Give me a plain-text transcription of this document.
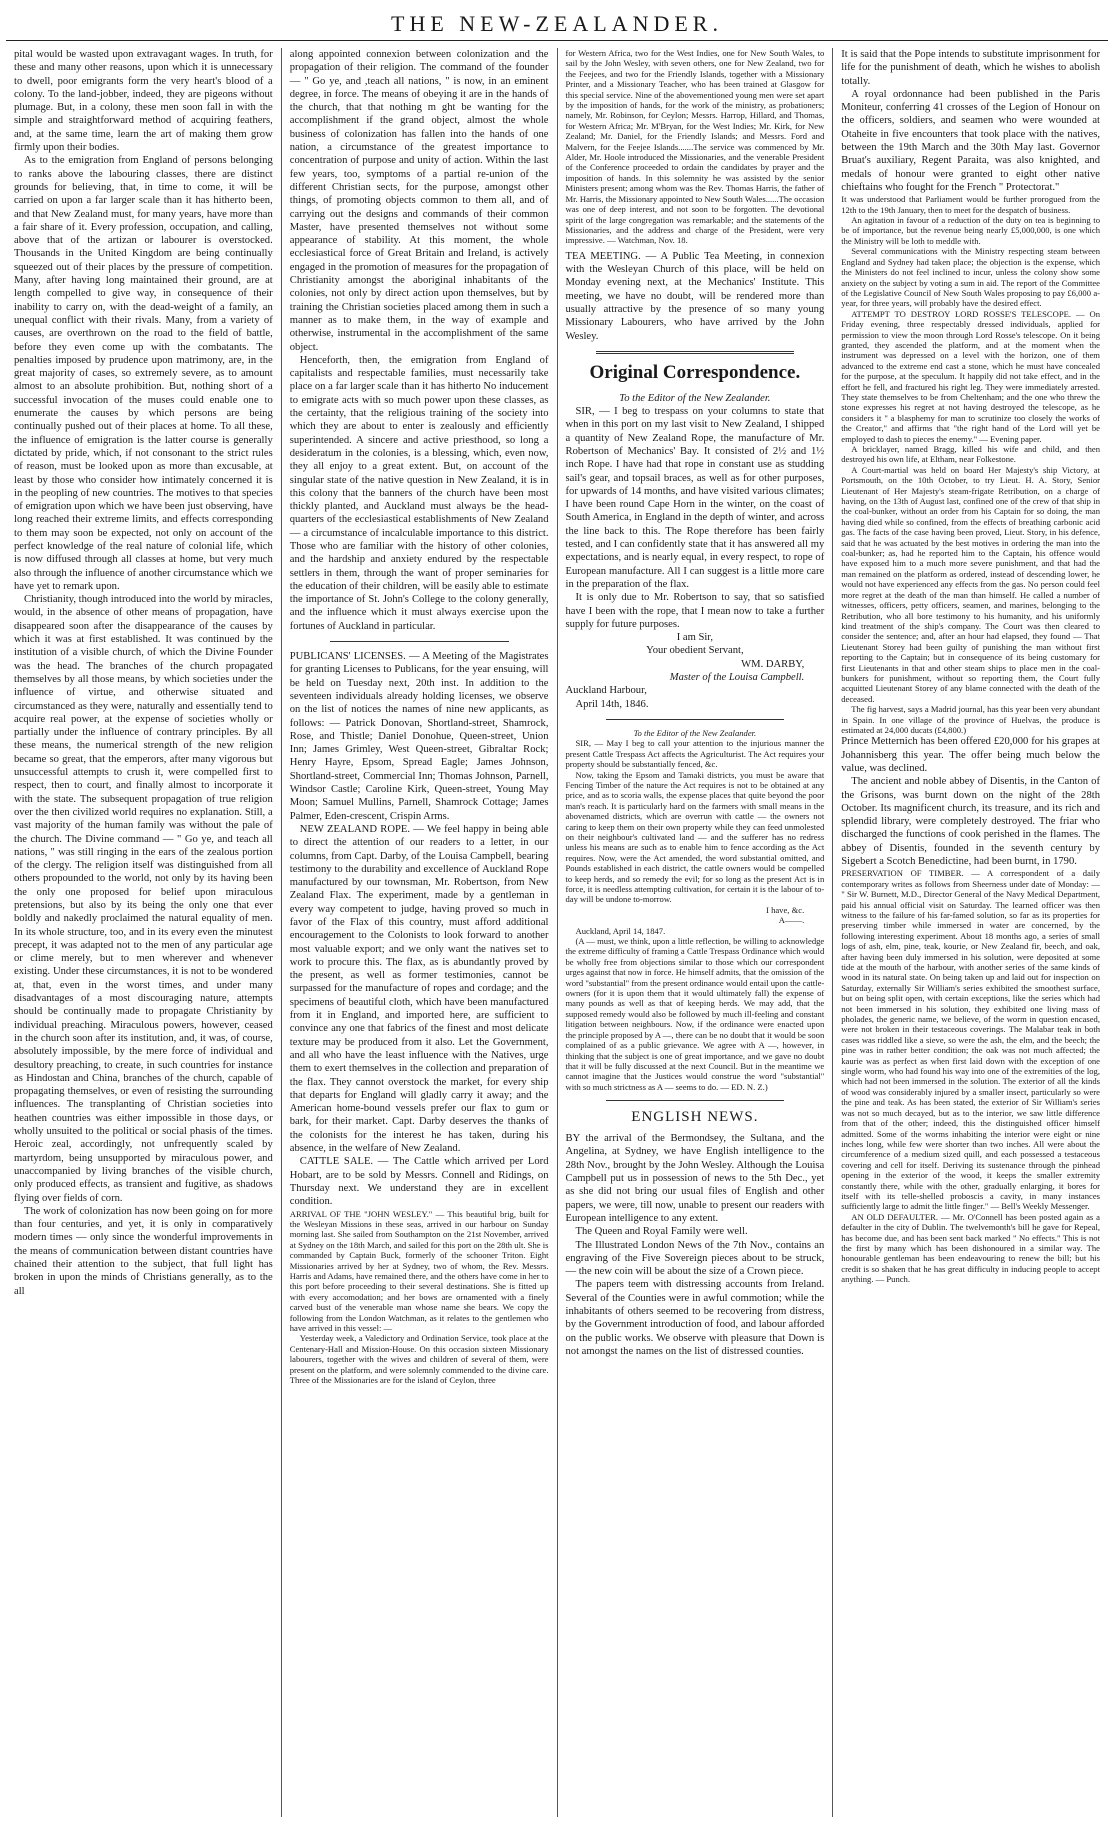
THE NEW-ZEALANDER.

pital would be wasted upon extravagant wages. In truth, for these and many other reasons, upon which it is unnecessary to dwell, poor emigrants form the very heart's blood of a colony. To the land-jobber, indeed, they are pigeons without plumage. But, in a colony, these men soon fall in with the simple and straightforward method of acquiring feathers, and, at the same time, learn the art of making them grow firmly upon their bodies.

As to the emigration from England of persons belonging to ranks above the labouring classes, there are distinct grounds for believing, that, in time to come, it will be carried on upon a far larger scale than it has hitherto been, and that New Zealand must, for many years, have more than a fair share of it. Every profession, occupation, and calling, above that of the artizan or labourer is overstocked. Thousands in the United Kingdom are being continually squeezed out of their places by the pressure of competition. Many, after having long maintained their ground, are at length compelled to give way, in consequence of their inability to carry on, with the dead-weight of a family, an unequal conflict with their rivals. Many, from a variety of causes, are overthrown on the road to the field of battle, before they even come up with the combatants. The penalties imposed by prudence upon matrimony, are, in the great majority of cases, so extremely severe, as to amount almost to an absolute prohibition. But, nothing short of a successful invocation of the muses could enable one to enumerate the causes by which persons are being continually pushed out of their places at home. To all these, the influence of emigration is the latter course is generally dictated by pride, which, if not consonant to the strict rules of reason, must be looked upon as more than excusable, at least by those who consider how intimately concerned it is in the peopling of new countries. The motives to that species of emigration upon which we have been just observing, have long reached their extreme limits, and effects corresponding to them may soon be expected, not only on account of the perfect knowledge of the real nature of colonial life, which is now diffused through all classes at home, but very much also through the influence of another circumstance which we have yet to remark upon.

Christianity, though introduced into the world by miracles, would, in the absence of other means of propagation, have disappeared soon after the disappearance of the causes by which it was at first established. It was continued by the institution of a visible church, of which the Divine Founder was the head. The branches of the church propagated themselves by all those means, by which societies under the influence of virtue, and otherwise situated and circumstanced as they were, naturally and essentially tend to acquire real power, at the expense of societies wholly or partially under the influence of contrary principles. By all these means, the numerical strength of the new religion became so great, that the emperors, after many vigorous but unsuccessful attempts to crush it, were compelled first to respect, then to court, and finally almost to incorporate it with the state. The subsequent propagation of true religion over the then civilized world requires no explanation. Still, a vast majority of the human family was without the pale of the church. The Divine command — " Go ye, and teach all nations, " was still ringing in the ears of the zealous portion of the clergy. The religion itself was distinguished from all others propounded to the world, not only by its having been the only one proposed for belief upon miraculous pretensions, but also by its being the only one that ever boldly and nakedly proclaimed the natural equality of men. In its whole structure, too, and in its every even the minutest precept, it was adapted not to the men of any particular age or clime merely, but to men wherever and whenever existing. Under these circumstances, it is not to be wondered at, that, even in the worst times, and under many disadvantages of a most discouraging nature, attempts should be continually made to propagate Christianity by individual preaching. Miraculous powers, however, ceased in the church soon after its institution, and, it was, of course, absolutely impossible, by the mere force of individual and desultory preaching, to create, in such countries for instance as Hindostan and China, branches of the church, capable of propagating themselves, or even of resisting the surrounding influences. The transplanting of Christian societies into heathen countries was either impossible in those days, or wholly unsuited to the political or social phasis of the times. Heroic zeal, accordingly, not unfrequently scaled by martyrdom, being unsupported by miraculous power, and unaccompanied by living branches of the visible church, only produced effects, as transient and fugitive, as shadows flying over fields of corn.

The work of colonization has now been going on for more than four centuries, and yet, it is only in comparatively modern times — only since the wonderful improvements in the means of communication between distant countries have chained their attention to the subject, that full light has broken in upon the minds of Christians generally, as to the all

along appointed connexion between colonization and the propagation of their religion. The command of the founder — " Go ye, and ,teach all nations, " is now, in an eminent degree, in force. The means of obeying it are in the hands of the church, that that nothing m ght be wanting for the accomplishment if the grand object, almost the whole business of colonization has fallen into the hands of one nation, a circumstance of the greatest importance to concentration of purpose and unity of action. Within the last few years, too, symptoms of a partial re-union of the different Christian sects, for the purpose, amongst other things, of promoting objects common to them all, and of carrying out the designs and commands of their common Master, have presented themselves not without some appearance of stability. At this moment, the whole ecclesiastical force of Great Britain and Ireland, is actively engaged in the promotion of measures for the propagation of Christianity amongst the aboriginal inhabitants of the colonies, not only by direct action upon themselves, but by training the Christian societies placed among them in such a manner as to make them, in the way of example and otherwise, instrumental in the accomplishment of the same object.

Henceforth, then, the emigration from England of capitalists and respectable families, must necessarily take place on a far larger scale than it has hitherto No inducement to emigrate acts with so much power upon these classes, as the certainty, that the religious training of the society into which they are about to enter is zealously and efficiently superintended. A sincere and active priesthood, so long a desideratum in the colonies, is a blessing, which, even now, they all enjoy to a great extent. But, on account of the singular state of the native question in New Zealand, it is in this colony that the banners of the church have been most thickly planted, and Auckland must always be the head-quarters of the ecclesiastical establishments of New Zealand — a circumstance of incalculable importance to this district. Those who are familiar with the history of other colonies, and the hardship and anxiety endured by the respectable settlers in them, through the want of proper seminaries for the education of their children, will be easily able to estimate the importance of St. John's College to the colony generally, and the influence which it must always exercise upon the fortunes of Auckland in particular.

PUBLICANS' LICENSES. — A Meeting of the Magistrates for granting Licenses to Publicans, for the year ensuing, will be held on Tuesday next, 20th inst. In addition to the seventeen individuals already holding licenses, we observe on the list of notices the names of nine new applicants, as follows: — Patrick Donovan, Shortland-street, Shamrock, Rose, and Thistle; Daniel Donohue, Queen-street, Union Inn; James Grimley, West Queen-street, Gibraltar Rock; Henry Hayre, Epsom, Spread Eagle; James Johnson, Shortland-street, Commercial Inn; Thomas Johnson, Parnell, Windsor Castle; Caroline Kirk, Queen-street, Young May Moon; Samuel Mullins, Parnell, Shamrock Cottage; James Palmer, Eden-crescent, Crispin Arms.

NEW ZEALAND ROPE. — We feel happy in being able to direct the attention of our readers to a letter, in our columns, from Capt. Darby, of the Louisa Campbell, bearing testimony to the durability and excellence of Auckland Rope manufactured by our townsman, Mr. Robertson, from New Zealand Flax. The experiment, made by a gentleman in every way competent to judge, having proved so much in favor of the Flax of this country, must afford additional encouragement to the Colonists to look forward to another most valuable export; and we only want the natives set to work to procure this. The flax, as is abundantly proved by the present, as well as former testimonies, cannot be surpassed for the manufacture of ropes and cordage; and the specimens of beautiful cloth, which have been manufactured from it in England, and imported here, are sufficient to convince any one that fabrics of the finest and most delicate texture may be produced from it also. Let the Government, and all who have the least influence with the Natives, urge them to exert themselves in the collection and preparation of the flax. They cannot overstock the market, for every ship that departs for England will gladly carry it away; and the American home-bound vessels prefer our flax to gum or bark, for their market. Capt. Darby deserves the thanks of the colonists for the interest he has taken, during his absence, in the welfare of New Zealand.

CATTLE SALE. — The Cattle which arrived per Lord Hobart, are to be sold by Messrs. Connell and Ridings, on Thursday next. We understand they are in excellent condition.

ARRIVAL OF THE "JOHN WESLEY." — This beautiful brig, built for the Wesleyan Missions in these seas, arrived in our harbour on Sunday morning last. She sailed from Southampton on the 21st November, arrived at Sydney on the 18th March, and sailed for this port on the 28th ult. She is commanded by Captain Buck, formerly of the schooner Triton. Eight Missionaries arrived by her at Sydney, two of whom, the Rev. Messrs. Harris and Adams, have remained there, and the others have come in her to this port before proceeding to their several destinations. She is fitted up with every accomodation; and her bows are ornamented with a finely carved bust of the venerable man whose name she bears. We copy the following from the London Watchman, as it relates to the gentlemen who have arrived in this vessel: —

Yesterday week, a Valedictory and Ordination Service, took place at the Centenary-Hall and Mission-House. On this occasion sixteen Missionary labourers, together with the wives and children of several of them, were present on the platform, and were solemnly commended to the divine care. Three of the Missionaries are for the island of Ceylon, three

for Western Africa, two for the West Indies, one for New South Wales, to sail by the John Wesley, with seven others, one for New Zealand, two for the Feejees, and two for the Friendly Islands, together with a Missionary Printer, and a Missionary Teacher, who has been trained at Glasgow for this special service. Nine of the abovementioned young men were set apart by the imposition of hands, for the work of the ministry, as probationers; namely, Mr. Robinson, for Ceylon; Messrs. Harrop, Hillard, and Thomas, for Western Africa; Mr. M'Bryan, for the West Indies; Mr. Kirk, for New Zealand; Mr. Daniel, for the Friendly Islands; and Messrs. Ford and Malvern, for the Feejee Islands.......The service was commenced by Mr. Alder, Mr. Hoole introduced the Missionaries, and the venerable President of the Conference proceeded to ordain the candidates by prayer and the imposition of hands. In this solemnity he was assisted by the senior Ministers present; among whom was the Rev. Thomas Harris, the father of Mr. Harris, the Missionary appointed to New South Wales......The occasion was one of deep interest, and not soon to be forgotten. The devotional spirit of the large congregation was remarkable; and the statements of the Missionaries, and the address and charge of the President, were very impressive. — Watchman, Nov. 18.

TEA MEETING. — A Public Tea Meeting, in connexion with the Wesleyan Church of this place, will be held on Monday evening next, at the Mechanics' Institute. This meeting, we have no doubt, will be rendered more than usually attractive by the presence of so many young Missionary Labourers, who have arrived by the John Wesley.

Original Correspondence.

To the Editor of the New Zealander.

SIR, — I beg to trespass on your columns to state that when in this port on my last visit to New Zealand, I shipped a quantity of New Zealand Rope, the manufacture of Mr. Robertson of Mechanics' Bay. It consisted of 2½ and 1½ inch Rope. I have had that rope in constant use as studding sail's gear, and topsail braces, as well as for other purposes, for upwards of 14 months, and have visited various climates; I have been round Cape Horn in the winter, on the coast of South America, in England in the depth of winter, and across the line back to this. The Rope therefore has been fairly tested, and I can confidently state that it has answered all my expectations, and is nearly equal, in every respect, to rope of European manufacture. All I can suggest is a little more care in the preparation of the flax.

It is only due to Mr. Robertson to say, that so satisfied have I been with the rope, that I mean now to take a further supply for future purposes.

I am Sir,

Your obedient Servant,

WM. DARBY,

Master of the Louisa Campbell.

Auckland Harbour,

April 14th, 1846.

To the Editor of the New Zealander.

SIR, — May I beg to call your attention to the injurious manner the present Cattle Trespass Act affects the Agriculturist. The Act requires your property should be substantially fenced, &c.

Now, taking the Epsom and Tamaki districts, you must be aware that Fencing Timber of the nature the Act requires is not to be obtained at any price, and as to scoria walls, the expense places that quite beyond the poor man's reach. It is particularly hard on the farmers with small means in the abovenamed districts, which are overrun with cattle — the owners not caring to keep them on their own property while they can feed unmolested on their neighbour's cultivated land — and the sufferer has no redress unless his means are such as to enable him to fence according as the Act requires. Now, were the Act amended, the word substantial omitted, and Pounds established in each district, the cattle owners would be compelled to keep herds, and so remedy the evil; for so long as the present Act is in force, it is needless attempting cultivation, for certain it is the labour of to-day will be undone to-morrow.

I have, &c.

A——.

Auckland, April 14, 1847.

(A — must, we think, upon a little reflection, be willing to acknowledge the extreme difficulty of framing a Cattle Trespass Ordinance which would be wholly free from objections similar to those which our correspondent urges against that now in force. He himself admits, that the omission of the word "substantial" from the present ordinance would entail upon the cattle-owners (for it is upon them that it would ultimately fall) the expense of many pounds as well as that of keeping herds. We may add, that the supposed remedy would also be followed by much ill-feeling and constant litigation between neighbours. Now, if the ordinance were enacted upon the principle proposed by A —, there can be no doubt that it would be soon complained of as a public grievance. We agree with A —, however, in thinking that the subject is one of great importance, and we gave no doubt that it will be fully discussed at the next Council. But in the meantime we cannot imagine that the Justices would construe the word "substantial" with so much strictness as A — seems to do. — ED. N. Z.)

ENGLISH NEWS.

BY the arrival of the Bermondsey, the Sultana, and the Angelina, at Sydney, we have English intelligence to the 28th Nov., brought by the John Wesley. Although the Louisa Campbell put us in possession of news to the 5th Dec., yet as she did not bring our usual files of English and other papers, we were, till now, unable to present our readers with European intelligence to any extent.

The Queen and Royal Family were well.

The Illustrated London News of the 7th Nov., contains an engraving of the Five Sovereign pieces about to be struck, — the new coin will be about the size of a Crown piece.

The papers teem with distressing accounts from Ireland. Several of the Counties were in awful commotion; while the inhabitants of others seemed to be recovering from distress, by the Government introduction of food, and labour afforded on the public works. We observe with pleasure that Down is not amongst the names on the list of distressed counties.

It is said that the Pope intends to substitute imprisonment for life for the punishment of death, which he wishes to abolish totally.

A royal ordonnance had been published in the Paris Moniteur, conferring 41 crosses of the Legion of Honour on the officers, soldiers, and seamen who were wounded at Otaheite in five encounters that took place with the natives, between the 19th March and the 30th May last. Governor Bruat's auxiliary, Regent Paraita, was also knighted, and medals of honour were granted to eight other native chieftains who fought for the French " Protectorat."

It was understood that Parliament would be further prorogued from the 12th to the 19th January, then to meet for the despatch of business.

An agitation in favour of a reduction of the duty on tea is beginning to be of importance, but the revenue being nearly £5,000,000, is one which the Ministry will be loth to meddle with.

Several communications with the Ministry respecting steam between England and Sydney had taken place; the objection is the expense, which the Ministers do not feel inclined to incur, unless the colony show some anxiety on the subject by voting a sum in aid. The report of the Committee of the Legislative Council of New South Wales proposing to pay £6,000 a-year, for three years, will probably have the desired effect.

ATTEMPT TO DESTROY LORD ROSSE'S TELESCOPE. — On Friday evening, three respectably dressed individuals, applied for permission to view the moon through Lord Rosse's telescope. On it being granted, they ascended the platform, and at the moment when the instrument was depressed on a level with the horizon, one of them advanced to the extreme end cast a stone, which he must have concealed for the purpose, at the speculum. It happily did not take effect, and in the effort he fell, and fractured his right leg. They were immediately arrested. They state themselves to be from Cheltenham; and the one who threw the stone expresses his regret at not having destroyed the telescope, as he considers it " a blasphemy for man to scrutinize too closely the works of the Creator," and affirms that "the right hand of the Lord will yet be employed to dash to pieces the enemy." — Evening paper.

A bricklayer, named Bragg, killed his wife and child, and then destroyed his own life, at Eltham, near Folkestone.

A Court-martial was held on board Her Majesty's ship Victory, at Portsmouth, on the 10th October, to try Lieut. H. A. Story, Senior Lieutenant of Her Majesty's steam-frigate Retribution, on a charge of having, on the 13th of August last, confined one of the crew of that ship in the coal-bunker, without an order from his Captain for so doing, the man having died while so confined, from the effects of breathing carbonic acid gas. The facts of the case having been proved, Lieut. Story, in his defence, said that he was actuated by the best motives in ordering the man into the coal-bunker; as, had he reported him to the Captain, his offence would have exposed him to a much more severe punishment, and that had the man remained on the platform as ordered, instead of descending lower, he would not have experienced any effects from the gas. No person could feel more regret at the death of the man than himself. He called a number of witnesses, officers, petty officers, seamen, and marines, belonging to the Retribution, who all bore testimony to his humanity, and his uniformly kind treatment of the ship's company. The Court was then cleared to consider the sentence; and, after an hour had elapsed, they found — That Lieutenant Storey had been guilty of punishing the man without first reporting to the Captain; but in consequence of its being customary for first Lieutenants in that and other steam ships to place men in the coal-bunkers for punishment, without so reporting them, the Court fully acquitted Lieutenant Storey of any blame connected with the death of the deceased.

The fig harvest, says a Madrid journal, has this year been very abundant in Spain. In one village of the province of Huelvas, the produce is estimated at 24,000 ducats (£4,800.)

Prince Metternich has been offered £20,000 for his grapes at Johannisberg this year. The offer being much below the value, was declined.

The ancient and noble abbey of Disentis, in the Canton of the Grisons, was burnt down on the night of the 28th October. Its magnificent church, its treasure, and its rich and splendid library, were completely destroyed. The friar who discharged the functions of cook perished in the flames. The abbey of Disentis, founded in the seventh century by Sigebert a Scotch Benedictine, had been burnt, in 1790.

PRESERVATION OF TIMBER. — A correspondent of a daily contemporary writes as follows from Sheerness under date of Monday: — " Sir W. Burnett, M.D., Director General of the Navy Medical Department, paid his annual official visit on Saturday. The learned officer was then witness to the failure of his far-famed solution, so far as its properties for preserving timber while immersed in water are concerned, by the following interesting experiment. About 18 months ago, a series of small logs of ash, elm, pine, teak, kourie, or New Zealand fir, beech, and oak, after having been duly immersed in his solution, were deposited at some tide at the mouth of the harbour, with another series of the same kinds of wood in its natural state. On being taken up and laid out for inspection on Saturday, externally Sir William's series exhibited the smoothest surface, but on being split open, with certain exceptions, like the series which had not been immersed in his solution, they exhibited one living mass of pholades, the generic name, we believe, of the worm in question encased, were not broken in their testaceous coverings. The Malabar teak in both cases was riddled like a sieve, so were the ash, the elm, and the beech; the pine was in rather better condition; the oak was not much affected; the kaurie was as perfect as when first laid down with the exception of one single worm, who had found his way into one of the extremities of the log, which had not been immersed in the solution. The exterior of all the kinds of wood was considerably injured by a smaller insect, particularly so were the pine and teak. As has been stated, the exterior of Sir William's series was not so much decayed, but as to the interior, we saw little difference from that of the other; indeed, this the distinguished officer himself admitted. Some of the worms inhabiting the interior were eight or nine inches long, while few were shorter than two inches. All were about the circumference of a medium sized quill, and each possessed a testaceous covering and cell for itself. Deriving its sustenance through the pinhead opening in the exterior of the wood, it keeps the smaller extremity constantly there, while with the other, gradually enlarging, it bores for itself with its telle-shelled proboscis a cavity, in many instances sufficiently large to admit the little finger." — Bell's Weekly Messenger.

AN OLD DEFAULTER. — Mr. O'Connell has been posted again as a defaulter in the city of Dublin. The twelvemonth's bill he gave for Repeal, has become due, and has been sent back marked " No effects." This is not the first by many which has been dishonoured in a similar way. The honourable gentleman has been endeavouring to renew the bill; but his credit is so shaken that he has great difficulty in inducing people to accept anything. — Punch.
